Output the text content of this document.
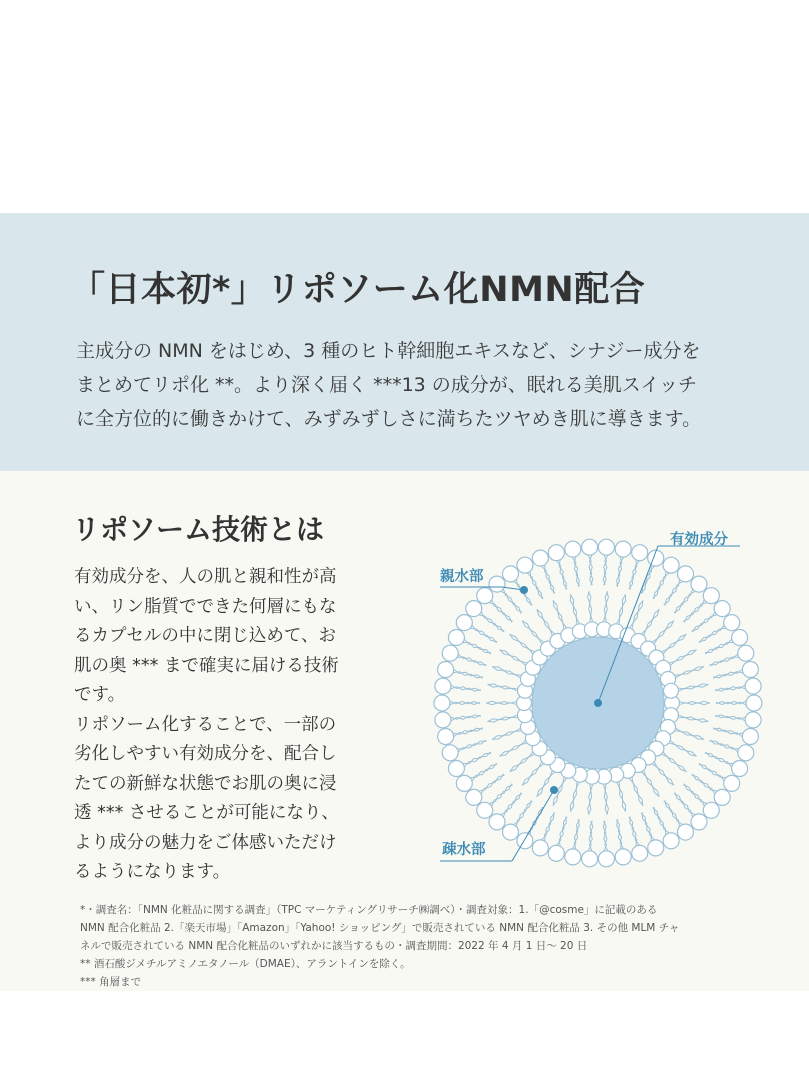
「日本初*」リポソーム化NMN配合
主成分の NMN をはじめ、3 種のヒト幹細胞エキスなど、シナジー成分を
まとめてリポ化 **。より深く届く ***13 の成分が、眠れる美肌スイッチ
に全方位的に働きかけて、みずみずしさに満ちたツヤめき肌に導きます。
リポソーム技術とは
有効成分を、人の肌と親和性が高
い、リン脂質でできた何層にもな
るカプセルの中に閉じ込めて、お
肌の奥 *** まで確実に届ける技術
です。
リポソーム化することで、一部の
劣化しやすい有効成分を、配合し
たての新鮮な状態でお肌の奥に浸
透 *** させることが可能になり、
より成分の魅力をご体感いただけ
るようになります。
有効成分
親水部
疎水部
*・調査名：「NMN 化粧品に関する調査」（TPC マーケティングリサーチ㈱調べ）・調査対象：1.「@cosme」に記載のある
NMN 配合化粧品 2.「楽天市場」「Amazon」「Yahoo! ショッピング」で販売されている NMN 配合化粧品 3. その他 MLM チャ
ネルで販売されている NMN 配合化粧品のいずれかに該当するもの・調査期間：2022 年 4 月 1 日～ 20 日
** 酒石酸ジメチルアミノエタノール（DMAE）、アラントインを除く。
*** 角層まで
